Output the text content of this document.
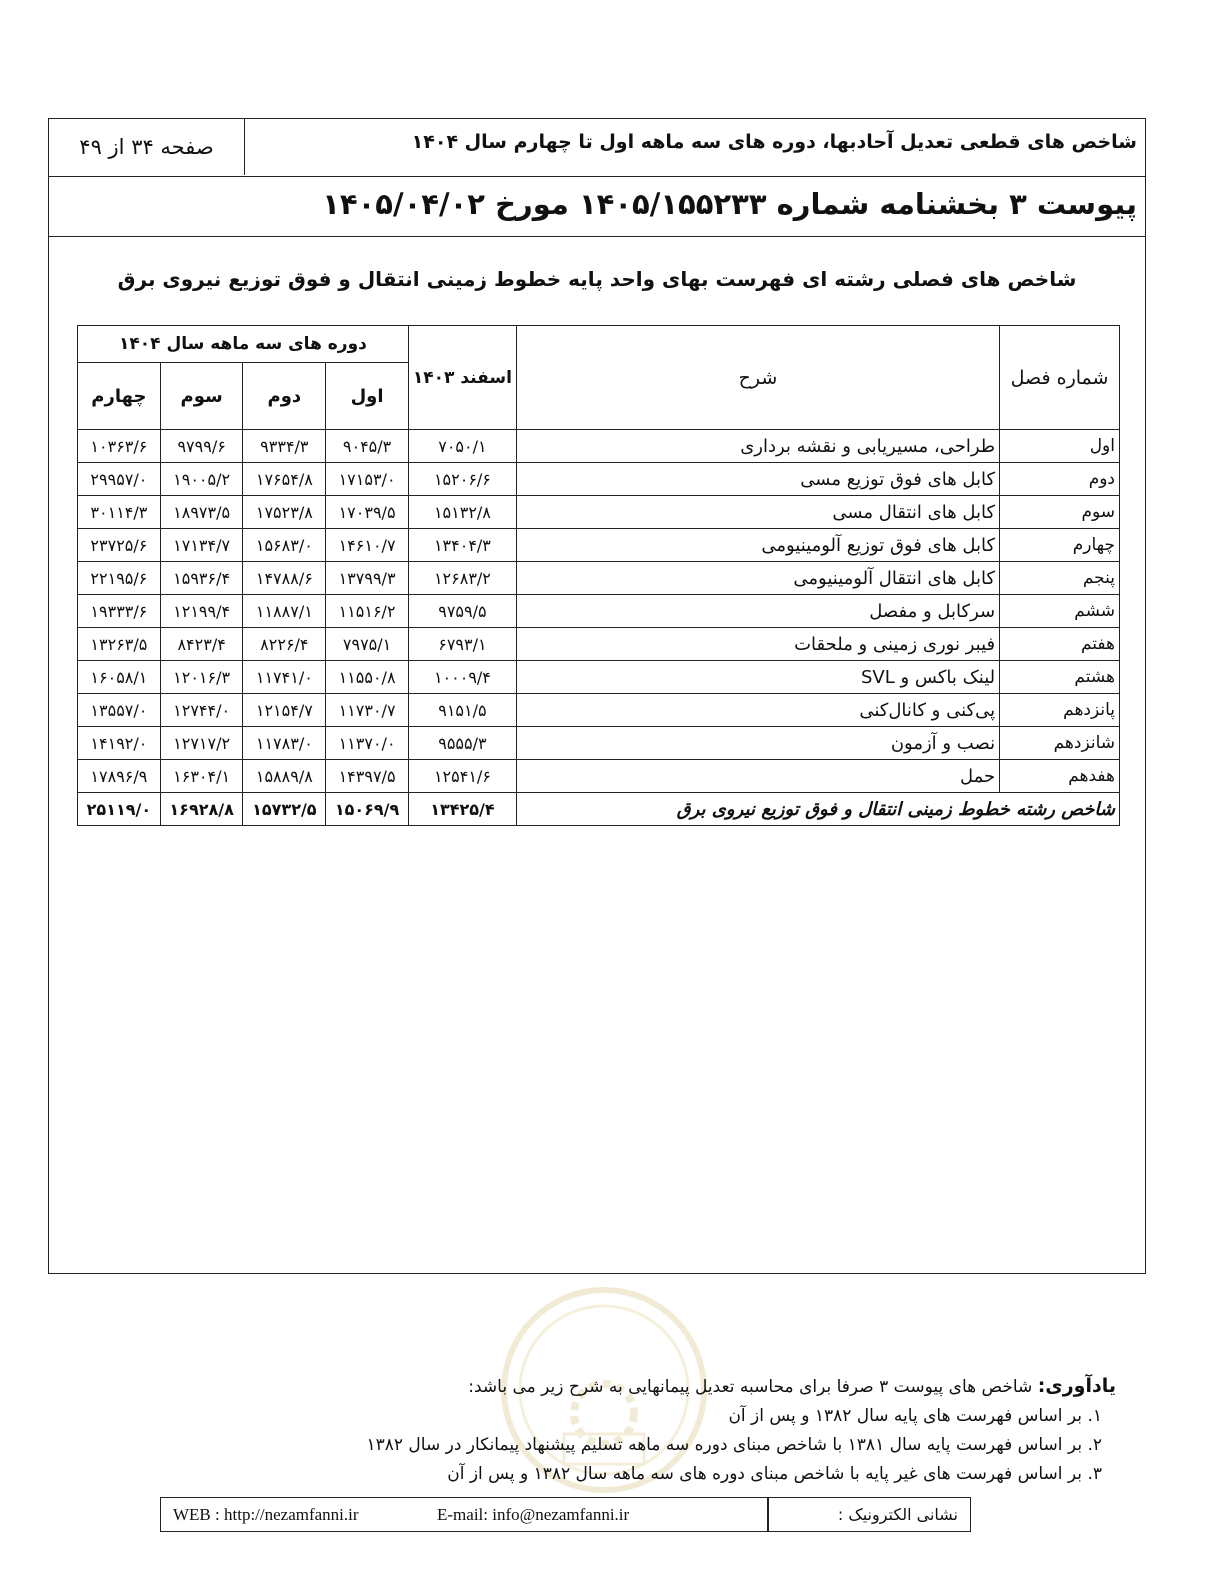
شاخص های قطعی تعدیل آحادبها، دوره های سه ماهه اول تا چهارم سال ۱۴۰۴
صفحه ۳۴ از ۴۹
پیوست ۳ بخشنامه شماره ۱۴۰۵/۱۵۵۲۳۳ مورخ ۱۴۰۵/۰۴/۰۲
شاخص های فصلی رشته ای فهرست بهای واحد پایه خطوط زمینی انتقال و فوق توزیع نیروی برق
شماره فصل	شرح	اسفند ۱۴۰۳	دوره های سه ماهه سال ۱۴۰۴			
			اول	دوم	سوم	چهارم
اول	طراحی، مسیریابی و نقشه برداری	۷۰۵۰/۱	۹۰۴۵/۳	۹۳۳۴/۳	۹۷۹۹/۶	۱۰۳۶۳/۶
دوم	کابل های فوق توزیع مسی	۱۵۲۰۶/۶	۱۷۱۵۳/۰	۱۷۶۵۴/۸	۱۹۰۰۵/۲	۲۹۹۵۷/۰
سوم	کابل های انتقال مسی	۱۵۱۳۲/۸	۱۷۰۳۹/۵	۱۷۵۲۳/۸	۱۸۹۷۳/۵	۳۰۱۱۴/۳
چهارم	کابل های فوق توزیع آلومینیومی	۱۳۴۰۴/۳	۱۴۶۱۰/۷	۱۵۶۸۳/۰	۱۷۱۳۴/۷	۲۳۷۲۵/۶
پنجم	کابل های انتقال آلومینیومی	۱۲۶۸۳/۲	۱۳۷۹۹/۳	۱۴۷۸۸/۶	۱۵۹۳۶/۴	۲۲۱۹۵/۶
ششم	سرکابل و مفصل	۹۷۵۹/۵	۱۱۵۱۶/۲	۱۱۸۸۷/۱	۱۲۱۹۹/۴	۱۹۳۳۳/۶
هفتم	فیبر نوری زمینی و ملحقات	۶۷۹۳/۱	۷۹۷۵/۱	۸۲۲۶/۴	۸۴۲۳/۴	۱۳۲۶۳/۵
هشتم	لینک باکس و SVL	۱۰۰۰۹/۴	۱۱۵۵۰/۸	۱۱۷۴۱/۰	۱۲۰۱۶/۳	۱۶۰۵۸/۱
پانزدهم	پی‌کنی و کانال‌کنی	۹۱۵۱/۵	۱۱۷۳۰/۷	۱۲۱۵۴/۷	۱۲۷۴۴/۰	۱۳۵۵۷/۰
شانزدهم	نصب و آزمون	۹۵۵۵/۳	۱۱۳۷۰/۰	۱۱۷۸۳/۰	۱۲۷۱۷/۲	۱۴۱۹۲/۰
هفدهم	حمل	۱۲۵۴۱/۶	۱۴۳۹۷/۵	۱۵۸۸۹/۸	۱۶۳۰۴/۱	۱۷۸۹۶/۹
شاخص رشته خطوط زمینی انتقال و فوق توزیع نیروی برق		۱۳۴۲۵/۴	۱۵۰۶۹/۹	۱۵۷۳۲/۵	۱۶۹۲۸/۸	۲۵۱۱۹/۰

یادآوری: شاخص های پیوست ۳ صرفا برای محاسبه تعدیل پیمانهایی به شرح زیر می باشد:

۱. بر اساس فهرست های پایه سال ۱۳۸۲ و پس از آن

۲. بر اساس فهرست پایه سال ۱۳۸۱ با شاخص مبنای دوره سه ماهه تسلیم پیشنهاد پیمانکار در سال ۱۳۸۲

۳. بر اساس فهرست های غیر پایه با شاخص مبنای دوره های سه ماهه سال ۱۳۸۲ و پس از آن

WEB : http://nezamfanni.ir	E-mail: info@nezamfanni.ir	نشانی الکترونیک :
